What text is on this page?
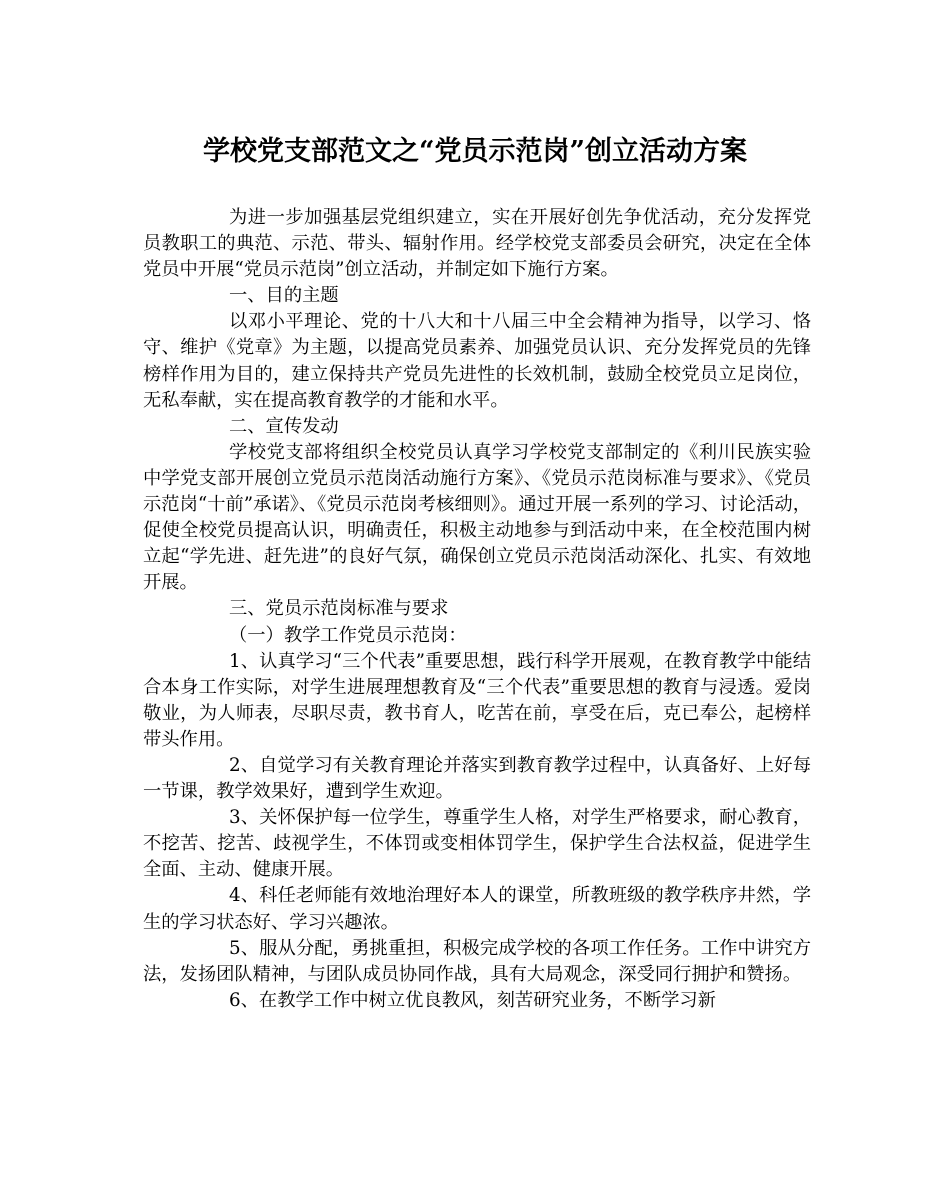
学校党支部范文之“党员示范岗”创立活动方案

为进一步加强基层党组织建立，实在开展好创先争优活动，充分发挥党员教职工的典范、示范、带头、辐射作用。经学校党支部委员会研究，决定在全体党员中开展“党员示范岗”创立活动，并制定如下施行方案。

一、目的主题

以邓小平理论、党的十八大和十八届三中全会精神为指导，以学习、恪守、维护《党章》为主题，以提高党员素养、加强党员认识、充分发挥党员的先锋榜样作用为目的，建立保持共产党员先进性的长效机制，鼓励全校党员立足岗位，无私奉献，实在提高教育教学的才能和水平。

二、宣传发动

学校党支部将组织全校党员认真学习学校党支部制定的《利川民族实验中学党支部开展创立党员示范岗活动施行方案》、《党员示范岗标准与要求》、《党员示范岗“十前”承诺》、《党员示范岗考核细则》。通过开展一系列的学习、讨论活动，促使全校党员提高认识，明确责任，积极主动地参与到活动中来，在全校范围内树立起“学先进、赶先进”的良好气氛，确保创立党员示范岗活动深化、扎实、有效地开展。

三、党员示范岗标准与要求

（一）教学工作党员示范岗：

1、认真学习“三个代表”重要思想，践行科学开展观，在教育教学中能结合本身工作实际，对学生进展理想教育及“三个代表”重要思想的教育与浸透。爱岗敬业，为人师表，尽职尽责，教书育人，吃苦在前，享受在后，克已奉公，起榜样带头作用。

2、自觉学习有关教育理论并落实到教育教学过程中，认真备好、上好每一节课，教学效果好，遭到学生欢迎。

3、关怀保护每一位学生，尊重学生人格，对学生严格要求，耐心教育，不挖苦、挖苦、歧视学生，不体罚或变相体罚学生，保护学生合法权益，促进学生全面、主动、健康开展。

4、科任老师能有效地治理好本人的课堂，所教班级的教学秩序井然，学生的学习状态好、学习兴趣浓。

5、服从分配，勇挑重担，积极完成学校的各项工作任务。工作中讲究方法，发扬团队精神，与团队成员协同作战，具有大局观念，深受同行拥护和赞扬。

6、在教学工作中树立优良教风，刻苦研究业务，不断学习新
